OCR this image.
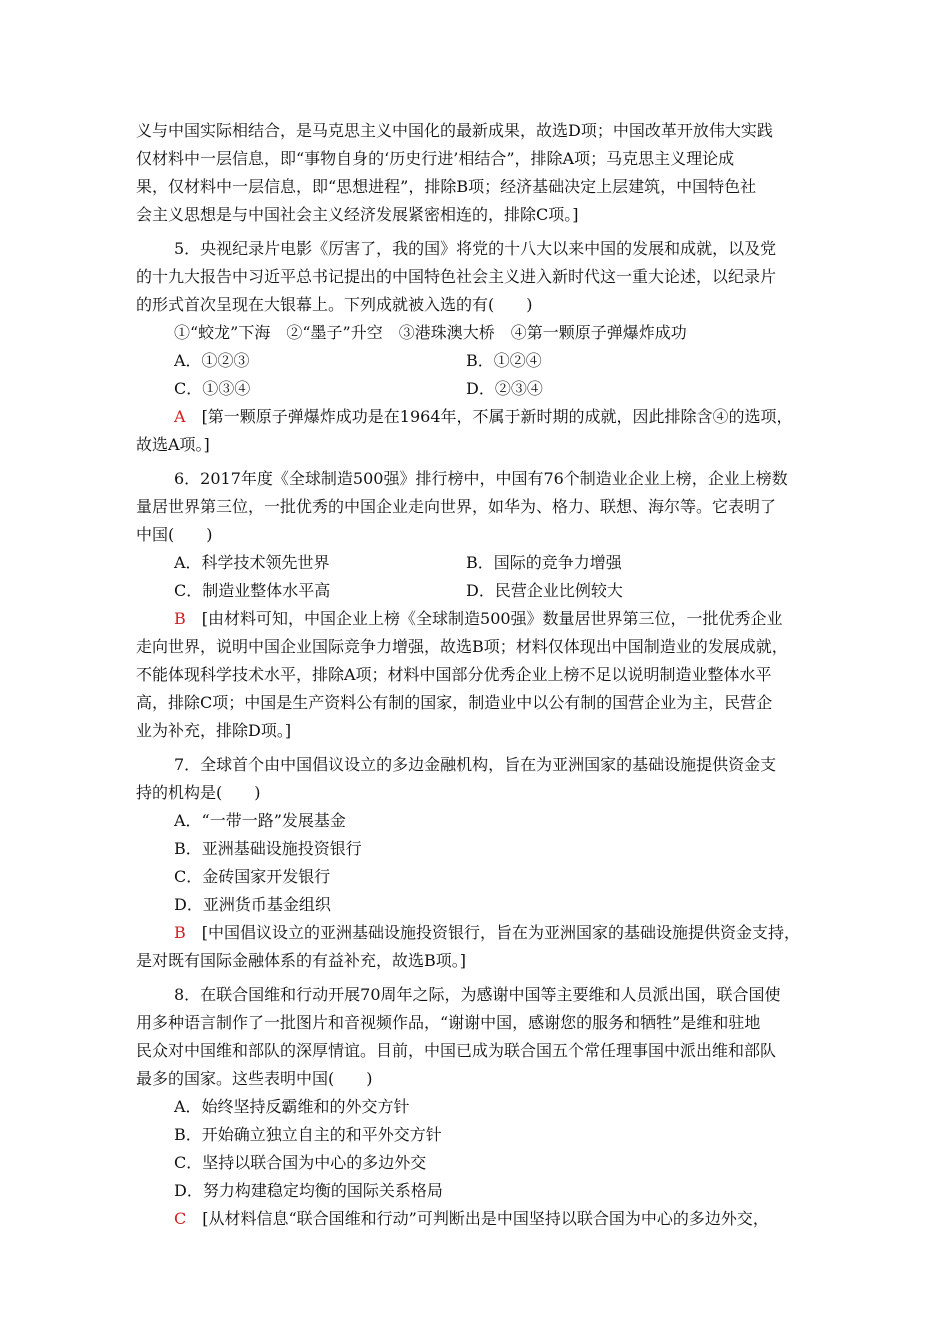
义与中国实际相结合，是马克思主义中国化的最新成果，故选D项；中国改革开放伟大实践
仅材料中一层信息，即“事物自身的‘历史行进’相结合”，排除A项；马克思主义理论成
果，仅材料中一层信息，即“思想进程”，排除B项；经济基础决定上层建筑，中国特色社
会主义思想是与中国社会主义经济发展紧密相连的，排除C项。]
5．央视纪录片电影《厉害了，我的国》将党的十八大以来中国的发展和成就，以及党
的十九大报告中习近平总书记提出的中国特色社会主义进入新时代这一重大论述，以纪录片
的形式首次呈现在大银幕上。下列成就被入选的有(　　)
①“蛟龙”下海　②“墨子”升空　③港珠澳大桥　④第一颗原子弹爆炸成功
A．①②③	B．①②④
C．①③④	D．②③④
A　[第一颗原子弹爆炸成功是在1964年，不属于新时期的成就，因此排除含④的选项，
故选A项。]
6．2017年度《全球制造500强》排行榜中，中国有76个制造业企业上榜，企业上榜数
量居世界第三位，一批优秀的中国企业走向世界，如华为、格力、联想、海尔等。它表明了
中国(　　)
A．科学技术领先世界	B．国际的竞争力增强
C．制造业整体水平高	D．民营企业比例较大
B　[由材料可知，中国企业上榜《全球制造500强》数量居世界第三位，一批优秀企业
走向世界，说明中国企业国际竞争力增强，故选B项；材料仅体现出中国制造业的发展成就，
不能体现科学技术水平，排除A项；材料中国部分优秀企业上榜不足以说明制造业整体水平
高，排除C项；中国是生产资料公有制的国家，制造业中以公有制的国营企业为主，民营企
业为补充，排除D项。]
7．全球首个由中国倡议设立的多边金融机构，旨在为亚洲国家的基础设施提供资金支
持的机构是(　　)
A．“一带一路”发展基金
B．亚洲基础设施投资银行
C．金砖国家开发银行
D．亚洲货币基金组织
B　[中国倡议设立的亚洲基础设施投资银行，旨在为亚洲国家的基础设施提供资金支持，
是对既有国际金融体系的有益补充，故选B项。]
8．在联合国维和行动开展70周年之际，为感谢中国等主要维和人员派出国，联合国使
用多种语言制作了一批图片和音视频作品，“谢谢中国，感谢您的服务和牺牲”是维和驻地
民众对中国维和部队的深厚情谊。目前，中国已成为联合国五个常任理事国中派出维和部队
最多的国家。这些表明中国(　　)
A．始终坚持反霸维和的外交方针
B．开始确立独立自主的和平外交方针
C．坚持以联合国为中心的多边外交
D．努力构建稳定均衡的国际关系格局
C　[从材料信息“联合国维和行动”可判断出是中国坚持以联合国为中心的多边外交，
